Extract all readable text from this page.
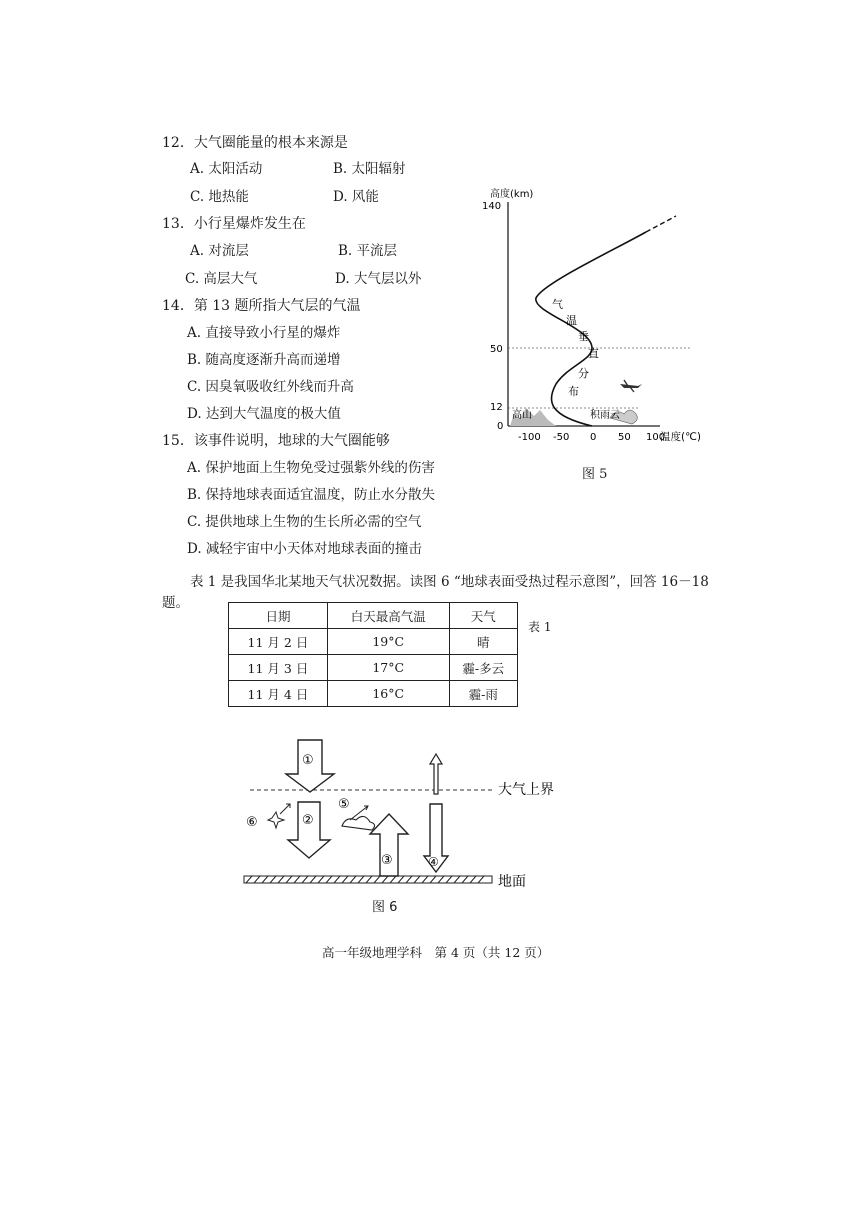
12．大气圈能量的根本来源是
A. 太阳活动	B. 太阳辐射
C. 地热能	D. 风能
13．小行星爆炸发生在
A. 对流层	B. 平流层
C. 高层大气	D. 大气层以外
14．第 13 题所指大气层的气温
A. 直接导致小行星的爆炸
B. 随高度逐渐升高而递增
C. 因臭氧吸收红外线而升高
D. 达到大气温度的极大值
15．该事件说明，地球的大气圈能够
A. 保护地面上生物免受过强紫外线的伤害
B. 保持地球表面适宜温度，防止水分散失
C. 提供地球上生物的生长所必需的空气
D. 减轻宇宙中小天体对地球表面的撞击
高度(km)
温度(℃)
140
50
12
0
高山	积雨云
-100 -50 0 50 100
气
温
垂
直
分
布
图 5
表 1 是我国华北某地天气状况数据。读图 6 “地球表面受热过程示意图”，回答 16－18
题。
日期	白天最高气温	天气
11 月 2 日	19°C	晴
11 月 3 日	17°C	霾-多云
11 月 4 日	16°C	霾-雨
表 1
①
②
③	④
⑤
⑥
大气上界
地面
图 6
高一年级地理学科　第 4 页（共 12 页）
